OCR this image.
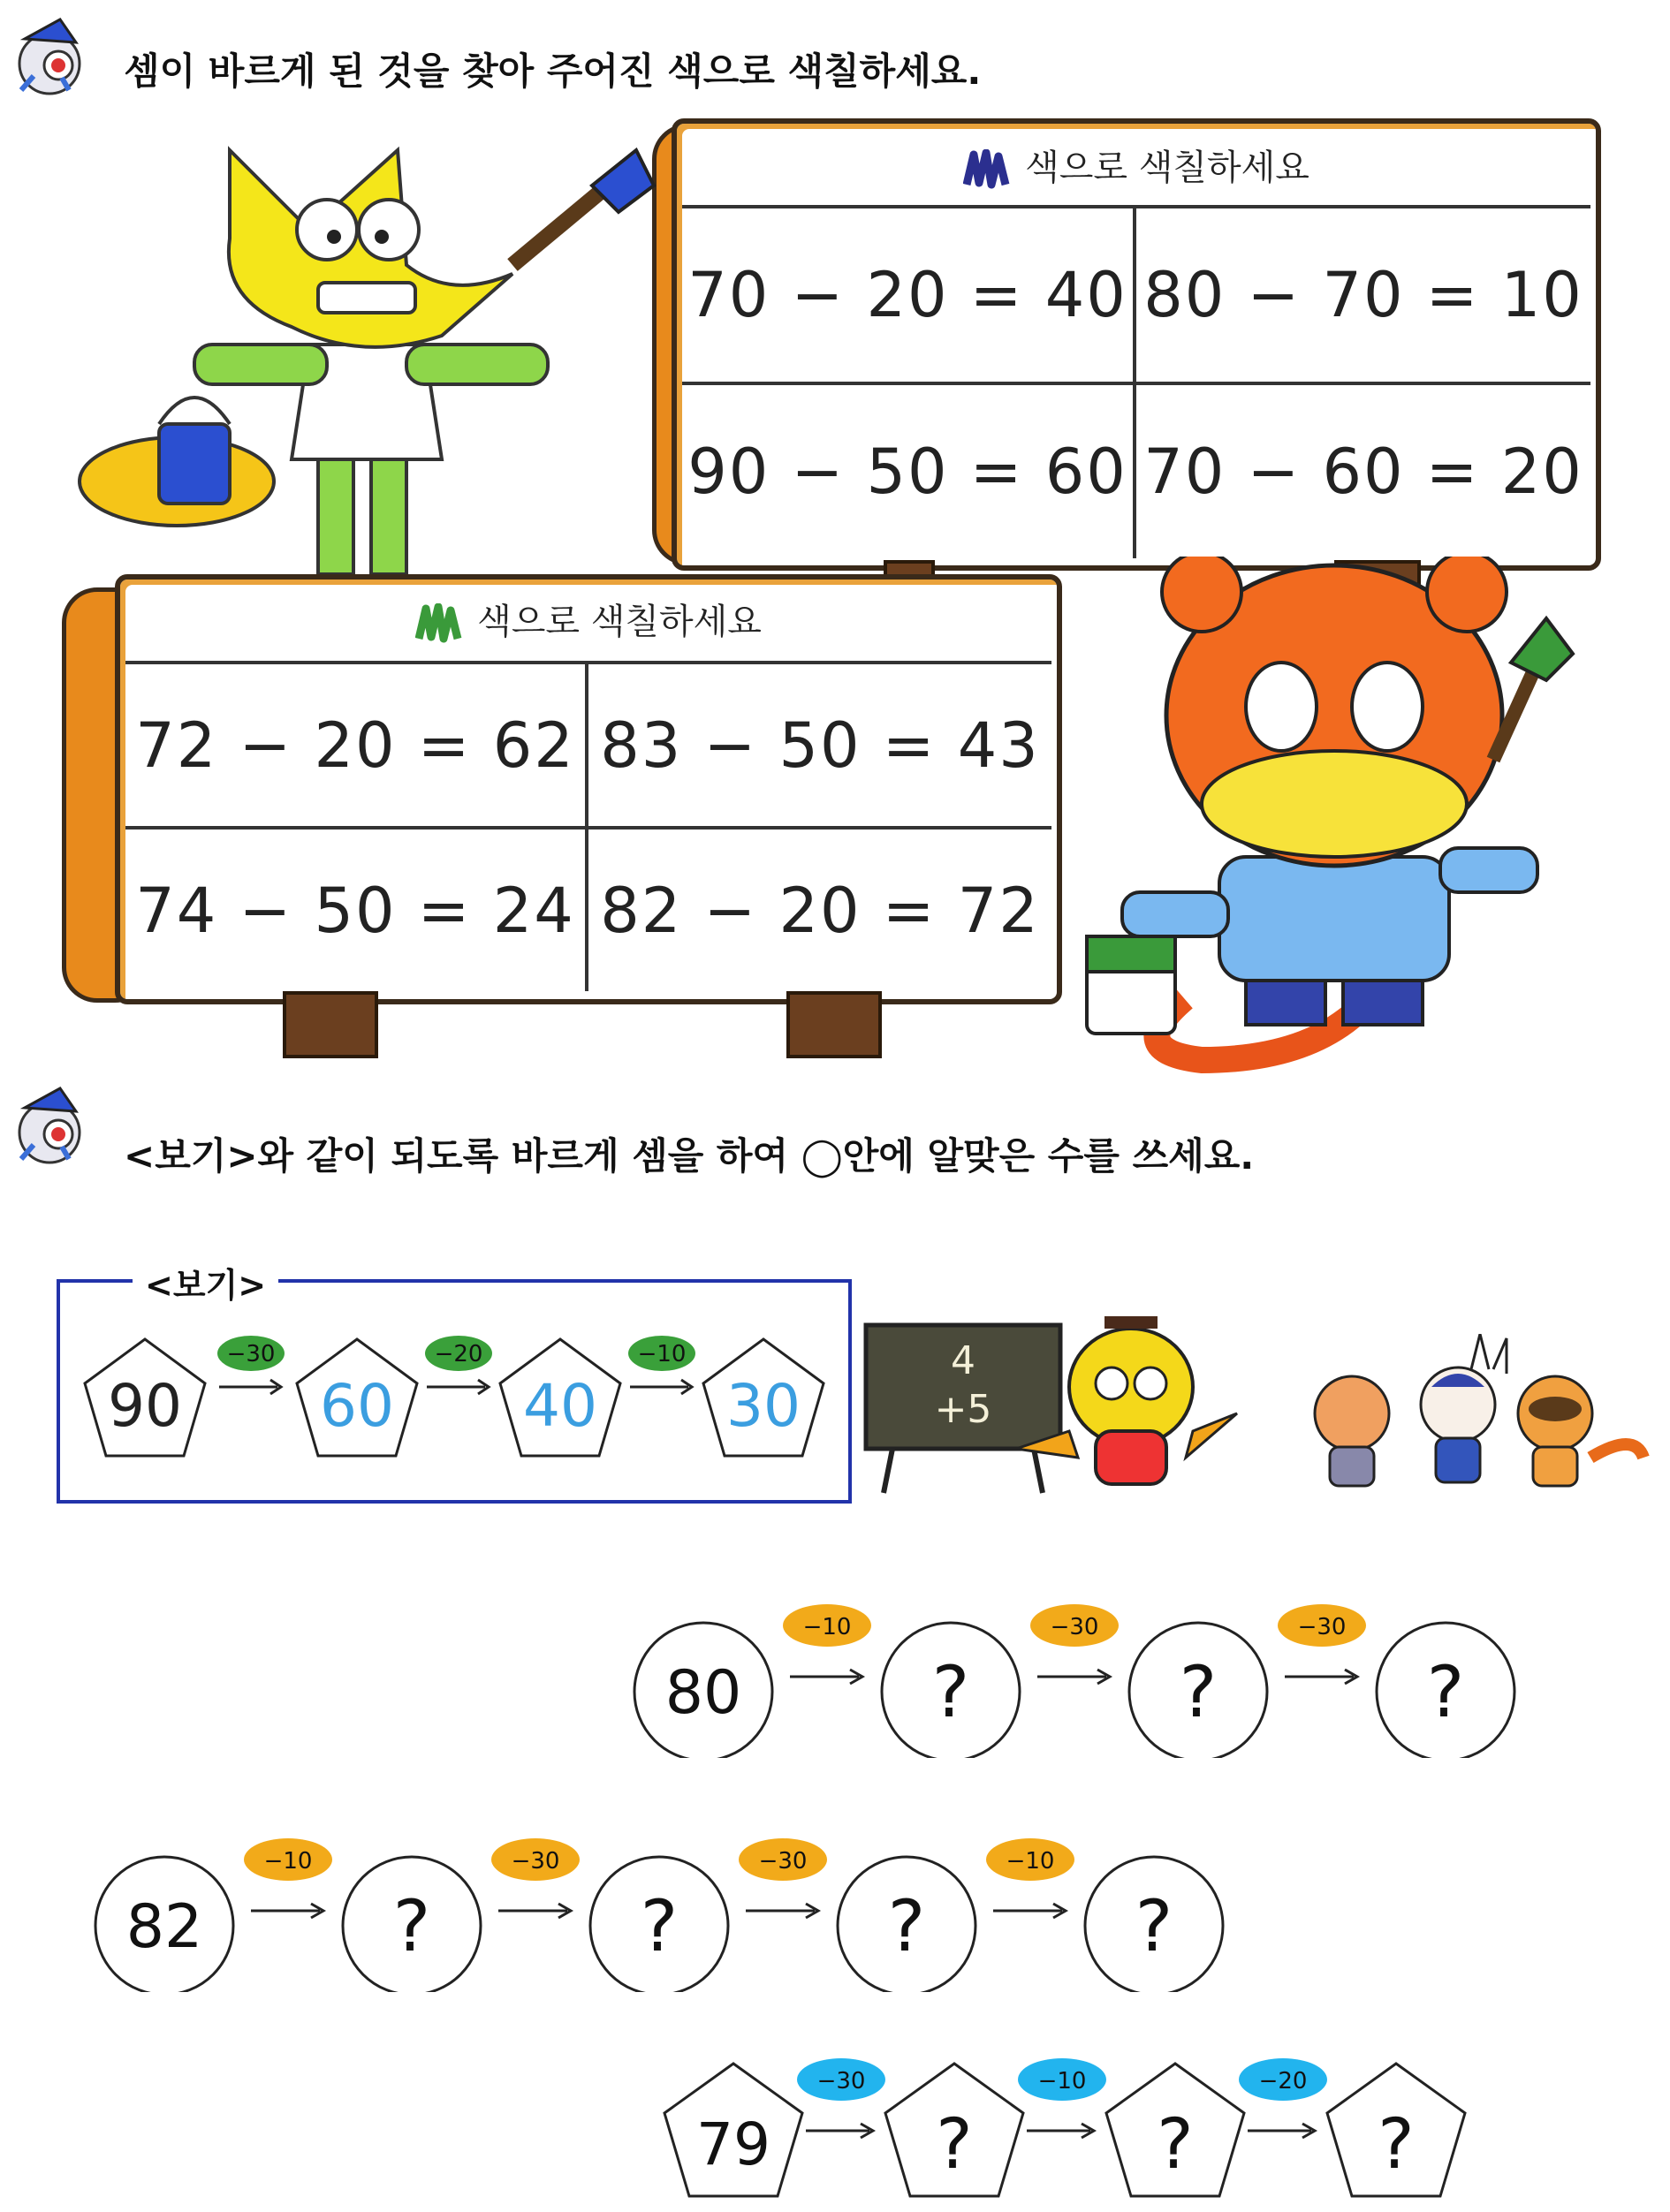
셈이 바르게 된 것을 찾아 주어진 색으로 색칠하세요.
색으로 색칠하세요
70 − 20 = 40 80 − 70 = 10
90 − 50 = 60 70 − 60 = 20
색으로 색칠하세요
72 − 20 = 62 83 − 50 = 43
74 − 50 = 24 82 − 20 = 72
<보기>와 같이 되도록 바르게 셈을 하여 ◯안에 알맞은 수를 쓰세요.
<보기>
90 60 40 30
−30	−20	−10	4
+5
80	?	?	?
−10	−30	−30
82	?	?	?	?
−10	−30	−30	−10
79 ?	?	?
−30	−10	−20
